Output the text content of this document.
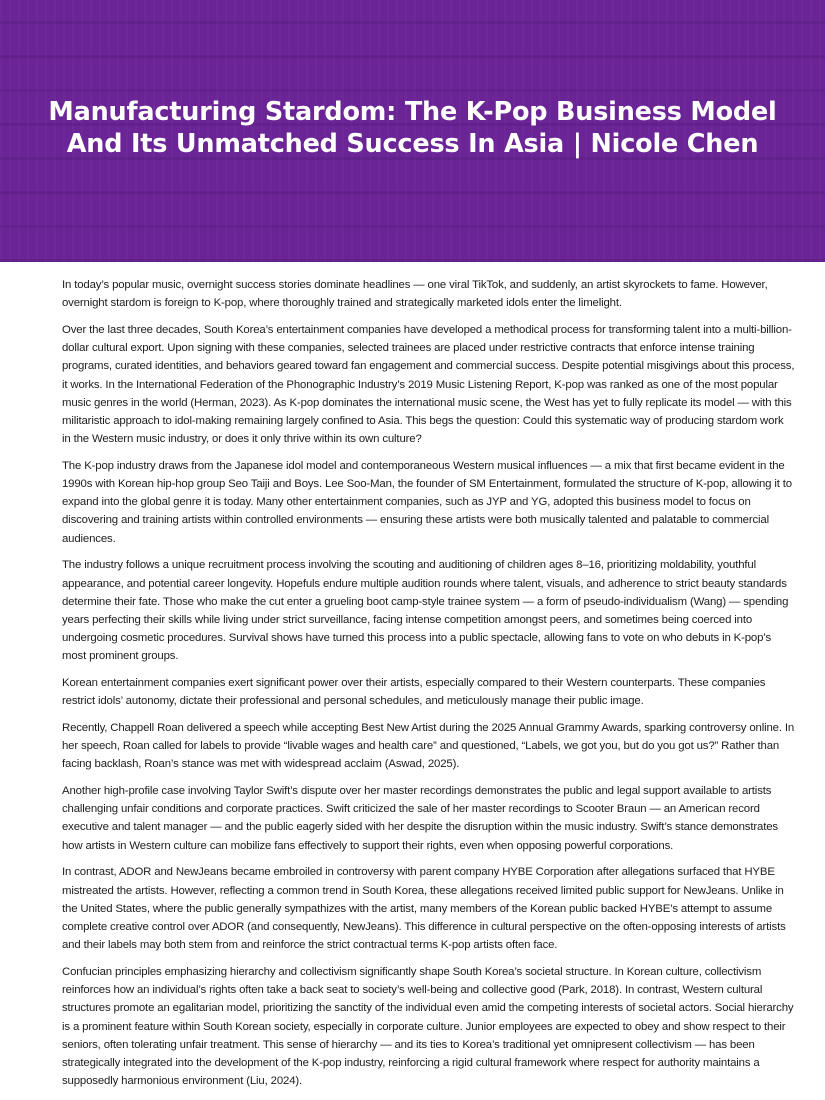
Manufacturing Stardom: The K-Pop Business Model And Its Unmatched Success In Asia | Nicole Chen

In today’s popular music, overnight success stories dominate headlines — one viral TikTok, and suddenly, an artist skyrockets to fame. However, overnight stardom is foreign to K-pop, where thoroughly trained and strategically marketed idols enter the limelight.

Over the last three decades, South Korea’s entertainment companies have developed a methodical process for transforming talent into a multi-billion-dollar cultural export. Upon signing with these companies, selected trainees are placed under restrictive contracts that enforce intense training programs, curated identities, and behaviors geared toward fan engagement and commercial success. Despite potential misgivings about this process, it works. In the International Federation of the Phonographic Industry’s 2019 Music Listening Report, K-pop was ranked as one of the most popular music genres in the world (Herman, 2023). As K-pop dominates the international music scene, the West has yet to fully replicate its model — with this militaristic approach to idol-making remaining largely confined to Asia. This begs the question: Could this systematic way of producing stardom work in the Western music industry, or does it only thrive within its own culture?

The K-pop industry draws from the Japanese idol model and contemporaneous Western musical influences — a mix that first became evident in the 1990s with Korean hip-hop group Seo Taiji and Boys. Lee Soo-Man, the founder of SM Entertainment, formulated the structure of K-pop, allowing it to expand into the global genre it is today. Many other entertainment companies, such as JYP and YG, adopted this business model to focus on discovering and training artists within controlled environments — ensuring these artists were both musically talented and palatable to commercial audiences.

The industry follows a unique recruitment process involving the scouting and auditioning of children ages 8–16, prioritizing moldability, youthful appearance, and potential career longevity. Hopefuls endure multiple audition rounds where talent, visuals, and adherence to strict beauty standards determine their fate. Those who make the cut enter a grueling boot camp-style trainee system — a form of pseudo-individualism (Wang) — spending years perfecting their skills while living under strict surveillance, facing intense competition amongst peers, and sometimes being coerced into undergoing cosmetic procedures. Survival shows have turned this process into a public spectacle, allowing fans to vote on who debuts in K-pop’s most prominent groups.

Korean entertainment companies exert significant power over their artists, especially compared to their Western counterparts. These companies restrict idols’ autonomy, dictate their professional and personal schedules, and meticulously manage their public image.

Recently, Chappell Roan delivered a speech while accepting Best New Artist during the 2025 Annual Grammy Awards, sparking controversy online. In her speech, Roan called for labels to provide “livable wages and health care” and questioned, “Labels, we got you, but do you got us?” Rather than facing backlash, Roan’s stance was met with widespread acclaim (Aswad, 2025).

Another high-profile case involving Taylor Swift’s dispute over her master recordings demonstrates the public and legal support available to artists challenging unfair conditions and corporate practices. Swift criticized the sale of her master recordings to Scooter Braun — an American record executive and talent manager — and the public eagerly sided with her despite the disruption within the music industry. Swift’s stance demonstrates how artists in Western culture can mobilize fans effectively to support their rights, even when opposing powerful corporations.

In contrast, ADOR and NewJeans became embroiled in controversy with parent company HYBE Corporation after allegations surfaced that HYBE mistreated the artists. However, reflecting a common trend in South Korea, these allegations received limited public support for NewJeans. Unlike in the United States, where the public generally sympathizes with the artist, many members of the Korean public backed HYBE’s attempt to assume complete creative control over ADOR (and consequently, NewJeans). This difference in cultural perspective on the often-opposing interests of artists and their labels may both stem from and reinforce the strict contractual terms K-pop artists often face.

Confucian principles emphasizing hierarchy and collectivism significantly shape South Korea’s societal structure. In Korean culture, collectivism reinforces how an individual’s rights often take a back seat to society’s well-being and collective good (Park, 2018). In contrast, Western cultural structures promote an egalitarian model, prioritizing the sanctity of the individual even amid the competing interests of societal actors. Social hierarchy is a prominent feature within South Korean society, especially in corporate culture. Junior employees are expected to obey and show respect to their seniors, often tolerating unfair treatment. This sense of hierarchy — and its ties to Korea’s traditional yet omnipresent collectivism — has been strategically integrated into the development of the K-pop industry, reinforcing a rigid cultural framework where respect for authority maintains a supposedly harmonious environment (Liu, 2024).
